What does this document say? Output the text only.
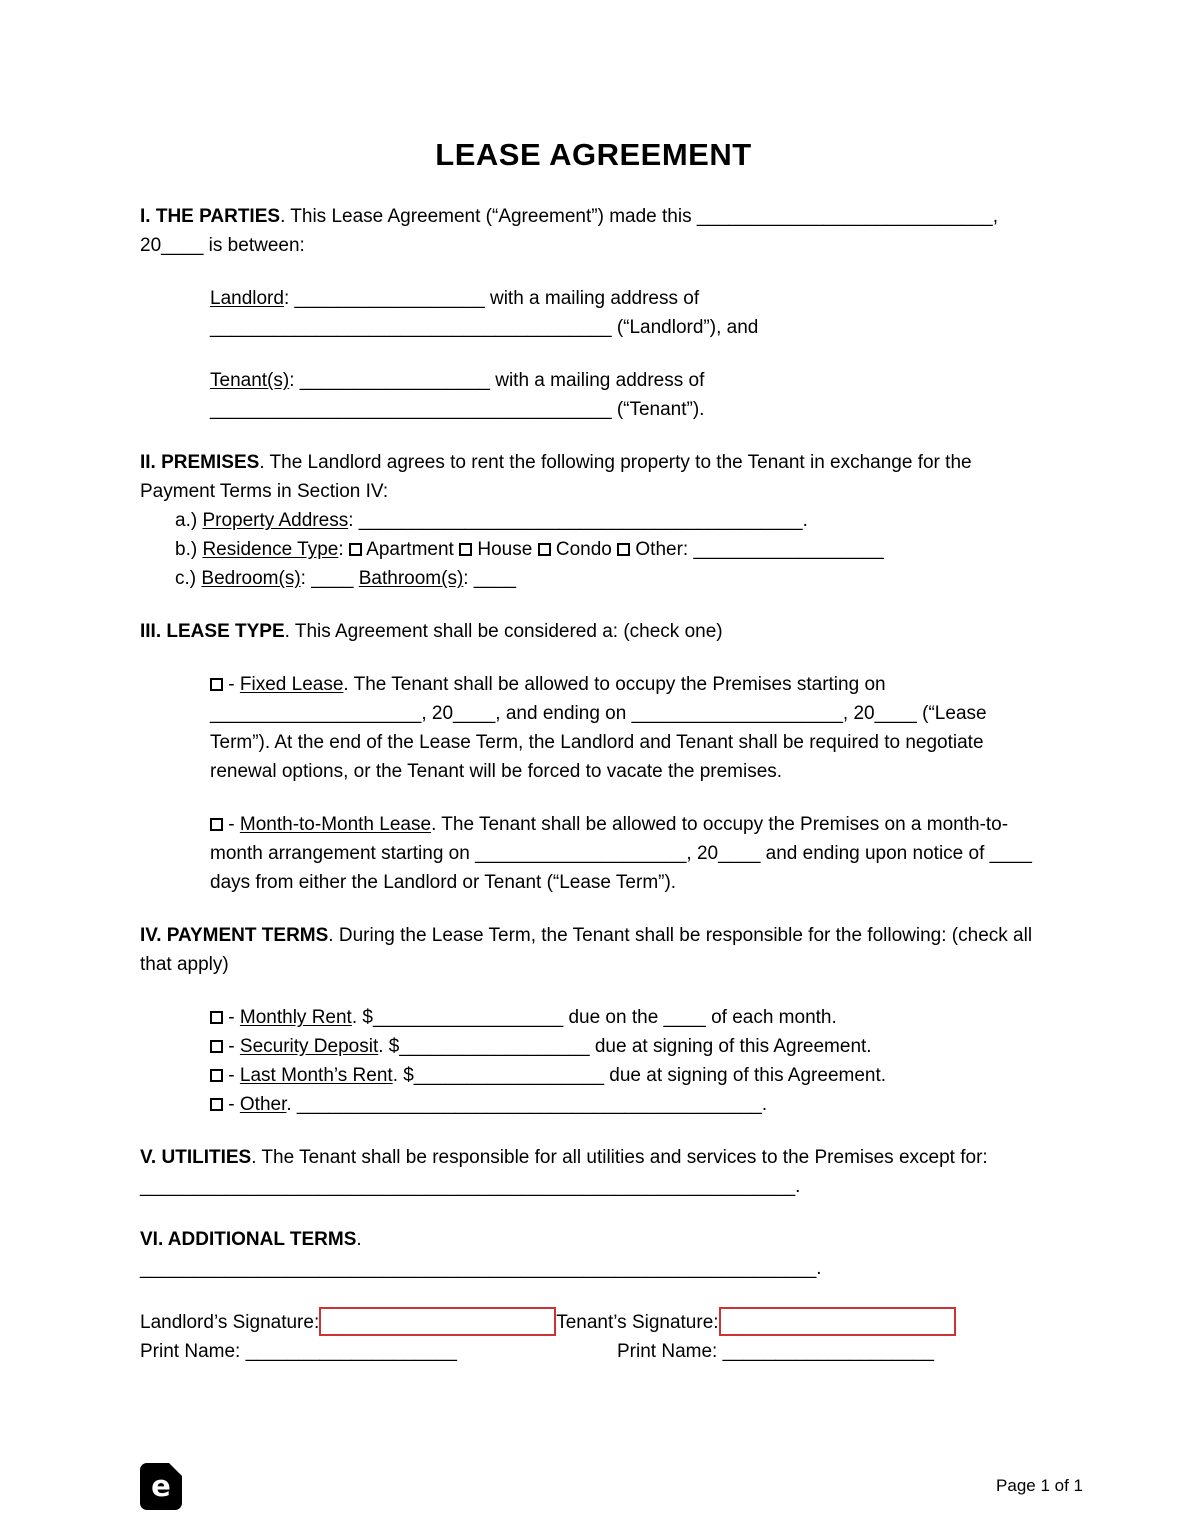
LEASE AGREEMENT

I. THE PARTIES. This Lease Agreement (“Agreement”) made this ____________________________, 20____ is between:

Landlord: __________________ with a mailing address of ______________________________________ (“Landlord”), and

Tenant(s): __________________ with a mailing address of ______________________________________ (“Tenant”).

II. PREMISES. The Landlord agrees to rent the following property to the Tenant in exchange for the Payment Terms in Section IV:

a.) Property Address: __________________________________________.

b.) Residence Type:  Apartment  House  Condo  Other: __________________

c.) Bedroom(s): ____ Bathroom(s): ____

III. LEASE TYPE. This Agreement shall be considered a: (check one)

- Fixed Lease. The Tenant shall be allowed to occupy the Premises starting on ____________________, 20____, and ending on ____________________, 20____ (“Lease Term”). At the end of the Lease Term, the Landlord and Tenant shall be required to negotiate renewal options, or the Tenant will be forced to vacate the premises.

- Month-to-Month Lease. The Tenant shall be allowed to occupy the Premises on a month-to-month arrangement starting on ____________________, 20____ and ending upon notice of ____ days from either the Landlord or Tenant (“Lease Term”).

IV. PAYMENT TERMS. During the Lease Term, the Tenant shall be responsible for the following: (check all that apply)

- Monthly Rent. $__________________ due on the ____ of each month.

- Security Deposit. $__________________ due at signing of this Agreement.

- Last Month’s Rent. $__________________ due at signing of this Agreement.

- Other. ____________________________________________.

V. UTILITIES. The Tenant shall be responsible for all utilities and services to the Premises except for: ______________________________________________________________.

VI. ADDITIONAL TERMS. ________________________________________________________________.

Landlord’s Signature:	Tenant’s Signature:

Print Name: ____________________	Print Name: ____________________

e	Page 1 of 1
